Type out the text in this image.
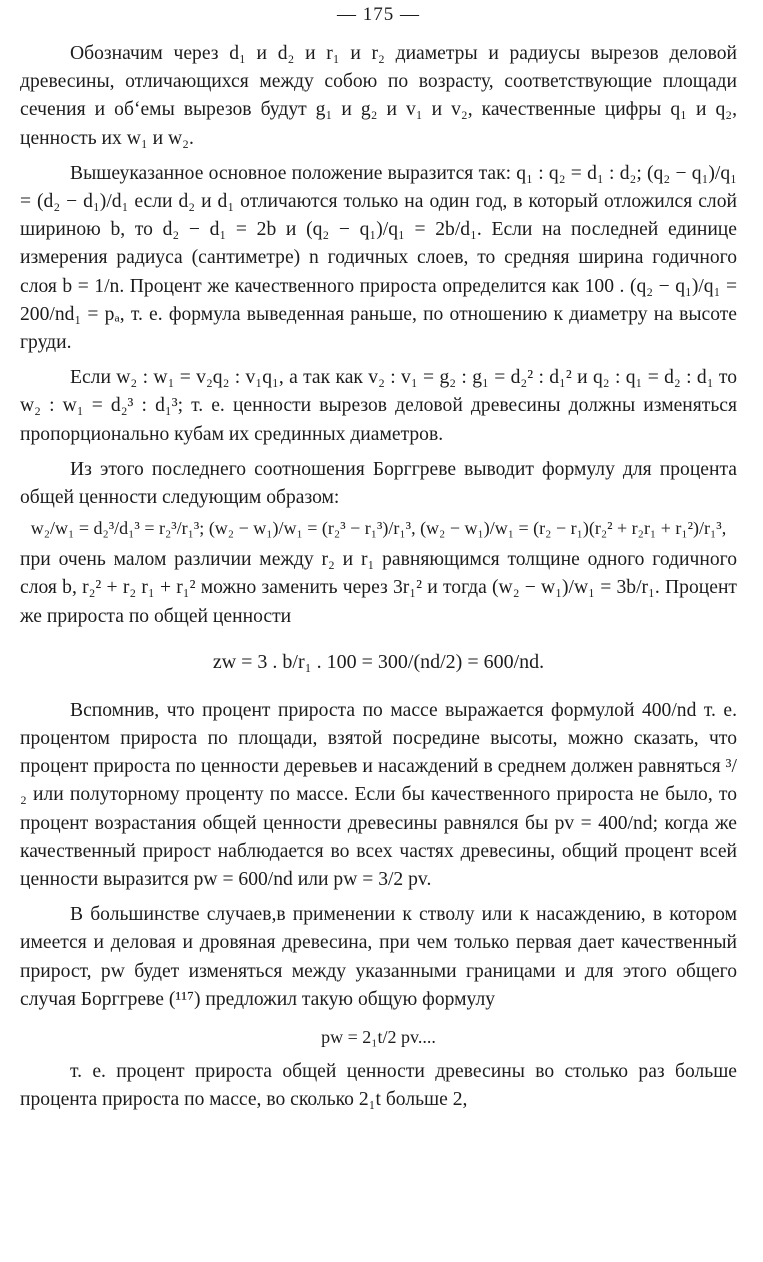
— 175 —

Обозначим через d₁ и d₂ и r₁ и r₂ диаметры и радиусы вырезов деловой древесины, отличающихся между собою по возрасту, соответствующие площади сечения и об‘емы вырезов будут g₁ и g₂ и v₁ и v₂, качественные цифры q₁ и q₂, ценность их w₁ и w₂.

Вышеуказанное основное положение выразится так: q₁ : q₂ = d₁ : d₂; (q₂ − q₁)/q₁ = (d₂ − d₁)/d₁ если d₂ и d₁ отличаются только на один год, в который отложился слой шириною b, то d₂ − d₁ = 2b и (q₂ − q₁)/q₁ = 2b/d₁. Если на последней единице измерения радиуса (сантиметре) n годичных слоев, то средняя ширина годичного слоя b = 1/n. Процент же качественного прироста определится как 100 . (q₂ − q₁)/q₁ = 200/nd₁ = pₐ, т. е. формула выведенная раньше, по отношению к диаметру на высоте груди.

Если w₂ : w₁ = v₂q₂ : v₁q₁, а так как v₂ : v₁ = g₂ : g₁ = d₂² : d₁² и q₂ : q₁ = d₂ : d₁ то w₂ : w₁ = d₂³ : d₁³; т. е. ценности вырезов деловой древесины должны изменяться пропорционально кубам их срединных диаметров.

Из этого последнего соотношения Борггреве выводит формулу для процента общей ценности следующим образом:

w₂/w₁ = d₂³/d₁³ = r₂³/r₁³; (w₂ − w₁)/w₁ = (r₂³ − r₁³)/r₁³, (w₂ − w₁)/w₁ = (r₂ − r₁)(r₂² + r₂r₁ + r₁²)/r₁³,

при очень малом различии между r₂ и r₁ равняющимся толщине одного годичного слоя b, r₂² + r₂ r₁ + r₁² можно заменить через 3r₁² и тогда (w₂ − w₁)/w₁ = 3b/r₁. Процент же прироста по общей ценности

zw = 3 . b/r₁ . 100 = 300/(nd/2) = 600/nd.

Вспомнив, что процент прироста по массе выражается формулой 400/nd т. е. процентом прироста по площади, взятой посредине высоты, можно сказать, что процент прироста по ценности деревьев и насаждений в среднем должен равняться ³/₂ или полуторному проценту по массе. Если бы качественного прироста не было, то процент возрастания общей ценности древесины равнялся бы pv = 400/nd; когда же качественный прирост наблюдается во всех частях древесины, общий процент всей ценности выразится pw = 600/nd или pw = 3/2 pv.

В большинстве случаев,в применении к стволу или к насаждению, в котором имеется и деловая и дровяная древесина, при чем только первая дает качественный прирост, pw будет изменяться между указанными границами и для этого общего случая Борггреве (¹¹⁷) предложил такую общую формулу

pw = 2₁t/2 pv....

т. е. процент прироста общей ценности древесины во столько раз больше процента прироста по массе, во сколько 2₁t больше 2,
